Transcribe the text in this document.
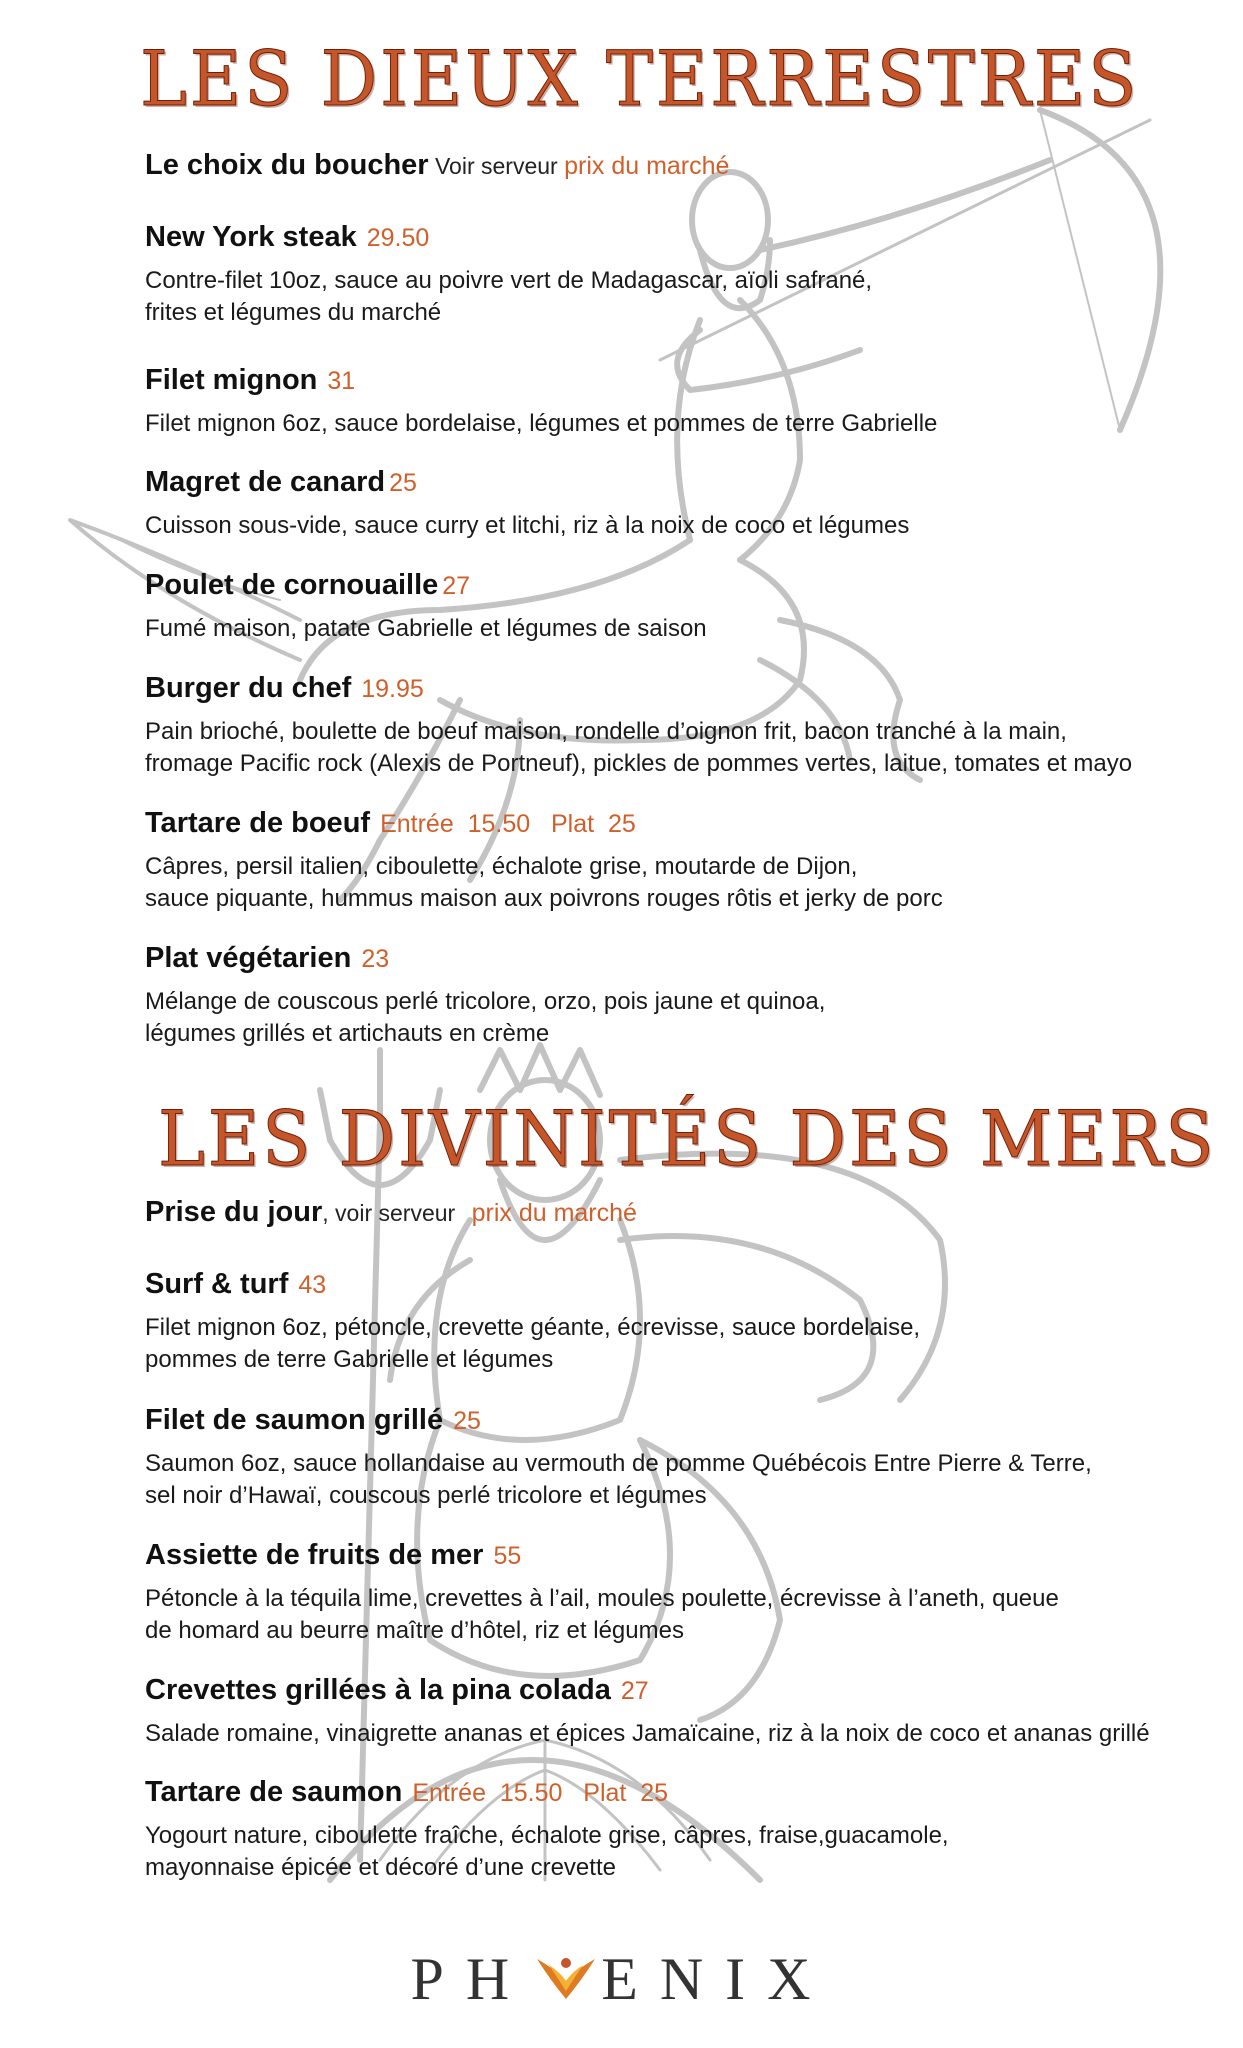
LES DIEUX TERRESTRES
Le choix du boucher Voir serveur prix du marché
New York steak 29.50
Contre-filet 10oz, sauce au poivre vert de Madagascar, aïoli safrané,
frites et légumes du marché
Filet mignon 31
Filet mignon 6oz, sauce bordelaise, légumes et pommes de terre Gabrielle
Magret de canard 25
Cuisson sous-vide, sauce curry et litchi, riz à la noix de coco et légumes
Poulet de cornouaille 27
Fumé maison, patate Gabrielle et légumes de saison
Burger du chef 19.95
Pain brioché, boulette de boeuf maison, rondelle d’oignon frit, bacon tranché à la main,
fromage Pacific rock (Alexis de Portneuf), pickles de pommes vertes, laitue, tomates et mayo
Tartare de boeuf Entrée  15.50   Plat  25
Câpres, persil italien, ciboulette, échalote grise, moutarde de Dijon,
sauce piquante, hummus maison aux poivrons rouges rôtis et jerky de porc
Plat végétarien 23
Mélange de couscous perlé tricolore, orzo, pois jaune et quinoa,
légumes grillés et artichauts en crème
LES DIVINITÉS DES MERS
Prise du jour, voir serveur prix du marché
Surf & turf 43
Filet mignon 6oz, pétoncle, crevette géante, écrevisse, sauce bordelaise,
pommes de terre Gabrielle et légumes
Filet de saumon grillé 25
Saumon 6oz, sauce hollandaise au vermouth de pomme Québécois Entre Pierre & Terre,
sel noir d’Hawaï, couscous perlé tricolore et légumes
Assiette de fruits de mer 55
Pétoncle à la téquila lime, crevettes à l’ail, moules poulette, écrevisse à l’aneth, queue
de homard au beurre maître d’hôtel, riz et légumes
Crevettes grillées à la pina colada 27
Salade romaine, vinaigrette ananas et épices Jamaïcaine, riz à la noix de coco et ananas grillé
Tartare de saumon Entrée  15.50   Plat  25
Yogourt nature, ciboulette fraîche, échalote grise, câpres, fraise,guacamole,
mayonnaise épicée et décoré d’une crevette
PH ENIX
